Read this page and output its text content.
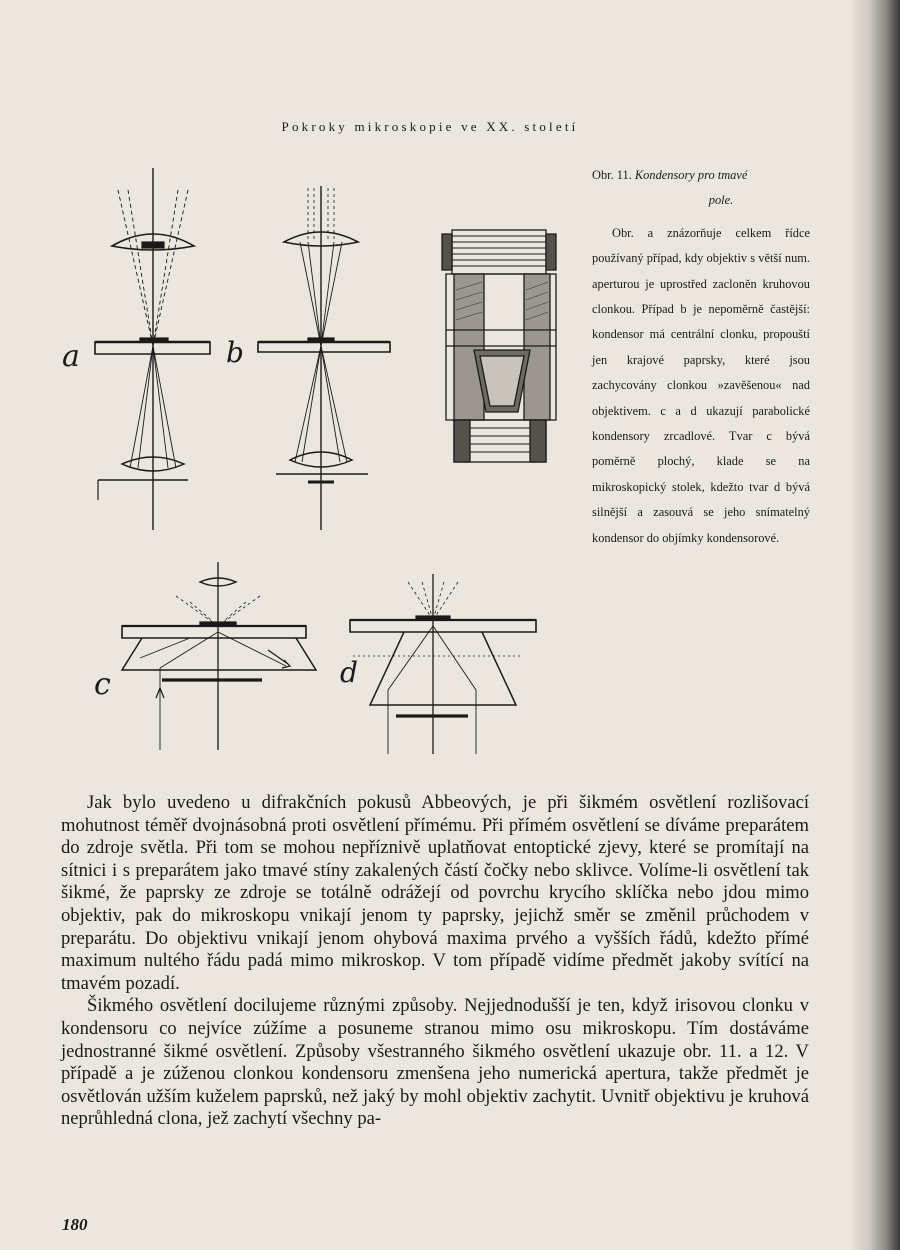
Pokroky mikroskopie ve XX. století
a	b
c	d
Obr. 11. Kondensory pro tmavé
pole.

Obr. a znázorňuje celkem řídce používaný případ, kdy objektiv s větší num. aperturou je uprostřed zacloněn kruhovou clonkou. Případ b je nepoměrně častější: kondensor má centrální clonku, propouští jen krajové paprsky, které jsou zachycovány clonkou »zavěšenou« nad objektivem. c a d ukazují parabolické kondensory zrcadlové. Tvar c bývá poměrně plochý, klade se na mikroskopický stolek, kdežto tvar d bývá silnější a zasouvá se jeho snímatelný kondensor do objímky kondensorové.

Jak bylo uvedeno u difrakčních pokusů Abbeových, je při šikmém osvětlení rozlišovací mohutnost téměř dvojnásobná proti osvětlení přímému. Při přímém osvětlení se díváme preparátem do zdroje světla. Při tom se mohou nepříznivě uplatňovat entoptické zjevy, které se promítají na sítnici i s preparátem jako tmavé stíny zakalených částí čočky nebo sklivce. Volíme-li osvětlení tak šikmé, že paprsky ze zdroje se totálně odrážejí od povrchu krycího sklíčka nebo jdou mimo objektiv, pak do mikroskopu vnikají jenom ty paprsky, jejichž směr se změnil průchodem v preparátu. Do objektivu vnikají jenom ohybová maxima prvého a vyšších řádů, kdežto přímé maximum nultého řádu padá mimo mikroskop. V tom případě vidíme předmět jakoby svítící na tmavém pozadí.

Šikmého osvětlení docilujeme různými způsoby. Nejjednodušší je ten, když irisovou clonku v kondensoru co nejvíce zúžíme a posuneme stranou mimo osu mikroskopu. Tím dostáváme jednostranné šikmé osvětlení. Způsoby všestranného šikmého osvětlení ukazuje obr. 11. a 12. V případě a je zúženou clonkou kondensoru zmenšena jeho numerická apertura, takže předmět je osvětlován užším kuželem paprsků, než jaký by mohl objektiv zachytit. Uvnitř objektivu je kruhová neprůhledná clona, jež zachytí všechny pa-

180
